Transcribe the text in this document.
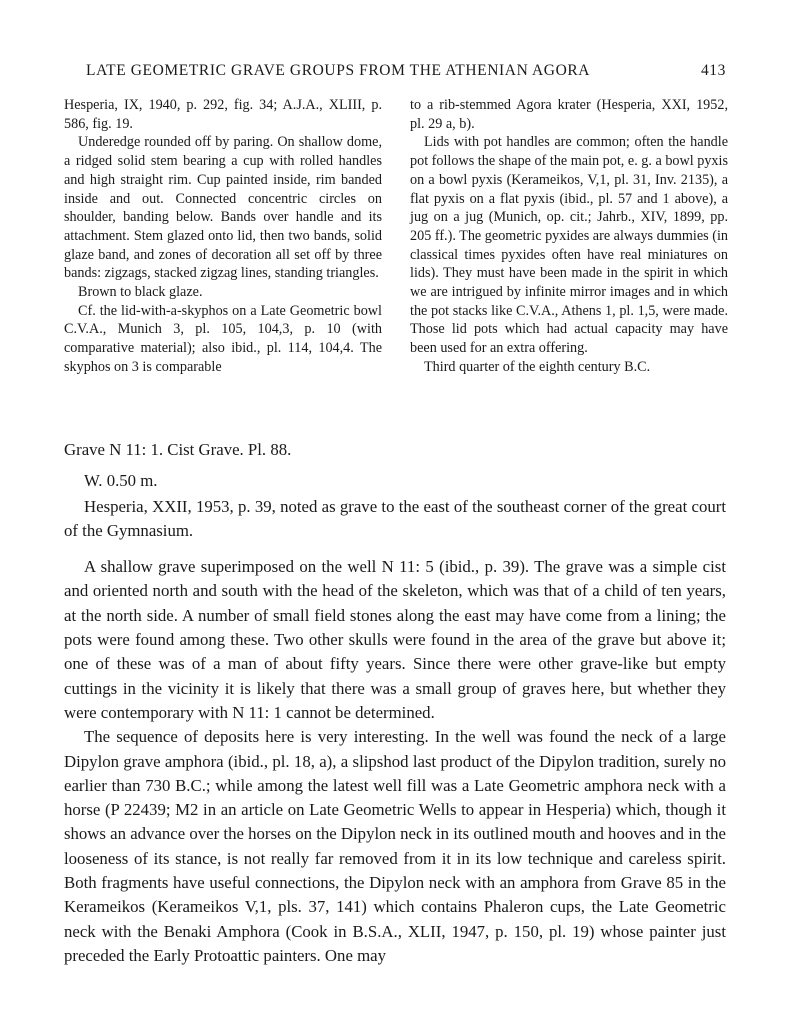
LATE GEOMETRIC GRAVE GROUPS FROM THE ATHENIAN AGORA	413

Hesperia, IX, 1940, p. 292, fig. 34; A.J.A., XLIII, p. 586, fig. 19.

Underedge rounded off by paring. On shallow dome, a ridged solid stem bearing a cup with rolled handles and high straight rim. Cup painted inside, rim banded inside and out. Connected concentric circles on shoulder, banding below. Bands over handle and its attachment. Stem glazed onto lid, then two bands, solid glaze band, and zones of decoration all set off by three bands: zigzags, stacked zigzag lines, standing triangles.

Brown to black glaze.

Cf. the lid-with-a-skyphos on a Late Geometric bowl C.V.A., Munich 3, pl. 105, 104,3, p. 10 (with comparative material); also ibid., pl. 114, 104,4. The skyphos on 3 is comparable

to a rib-stemmed Agora krater (Hesperia, XXI, 1952, pl. 29 a, b).

Lids with pot handles are common; often the handle pot follows the shape of the main pot, e. g. a bowl pyxis on a bowl pyxis (Kerameikos, V,1, pl. 31, Inv. 2135), a flat pyxis on a flat pyxis (ibid., pl. 57 and 1 above), a jug on a jug (Munich, op. cit.; Jahrb., XIV, 1899, pp. 205 ff.). The geometric pyxides are always dummies (in classical times pyxides often have real miniatures on lids). They must have been made in the spirit in which we are intrigued by infinite mirror images and in which the pot stacks like C.V.A., Athens 1, pl. 1,5, were made. Those lid pots which had actual capacity may have been used for an extra offering.

Third quarter of the eighth century B.C.

Grave N 11: 1. Cist Grave. Pl. 88.

W. 0.50 m.

Hesperia, XXII, 1953, p. 39, noted as grave to the east of the southeast corner of the great court of the Gymnasium.

A shallow grave superimposed on the well N 11: 5 (ibid., p. 39). The grave was a simple cist and oriented north and south with the head of the skeleton, which was that of a child of ten years, at the north side. A number of small field stones along the east may have come from a lining; the pots were found among these. Two other skulls were found in the area of the grave but above it; one of these was of a man of about fifty years. Since there were other grave-like but empty cuttings in the vicinity it is likely that there was a small group of graves here, but whether they were contemporary with N 11: 1 cannot be determined.

The sequence of deposits here is very interesting. In the well was found the neck of a large Dipylon grave amphora (ibid., pl. 18, a), a slipshod last product of the Dipylon tradition, surely no earlier than 730 B.C.; while among the latest well fill was a Late Geometric amphora neck with a horse (P 22439; M2 in an article on Late Geometric Wells to appear in Hesperia) which, though it shows an advance over the horses on the Dipylon neck in its outlined mouth and hooves and in the looseness of its stance, is not really far removed from it in its low technique and careless spirit. Both fragments have useful connections, the Dipylon neck with an amphora from Grave 85 in the Kerameikos (Kerameikos V,1, pls. 37, 141) which contains Phaleron cups, the Late Geometric neck with the Benaki Amphora (Cook in B.S.A., XLII, 1947, p. 150, pl. 19) whose painter just preceded the Early Protoattic painters. One may
